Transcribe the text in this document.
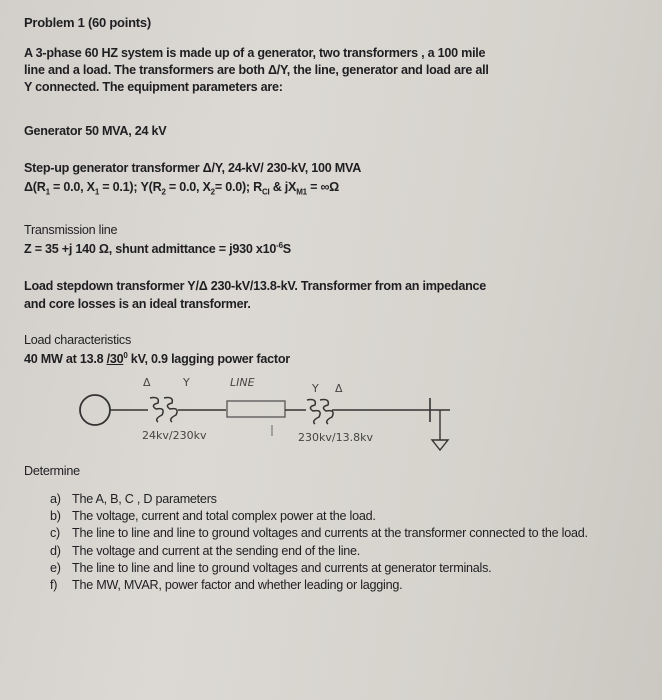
Problem 1 (60 points)
A 3-phase 60 HZ system is made up of a generator, two transformers , a 100 mile
line and a load. The transformers are both Δ/Y, the line, generator and load are all
Y connected. The equipment parameters are:
Generator 50 MVA, 24 kV
Step-up generator transformer Δ/Y, 24-kV/ 230-kV, 100 MVA
$\Delta(R_1 = 0.0$, $X_1 = 0.1$); $Y(R_2 = 0.0$, $X_2= 0.0$); $R_{CI}$ & $jX_{M1} = \infty\Omega$
Transmission line
Z = 35 +j 140 Ω, shunt admittance = j930 $x10^{-6}S$
Load stepdown transformer Y/Δ 230-kV/13.8-kV. Transformer from an impedance
and core losses is an ideal transformer.
Load characteristics
40 MW at 13.8 $/30^0$ kV, 0.9 lagging power factor
Δ	Y	LINE	Y Δ
24kv/230kv	230kv/13.8kv
Determine
a) The A, B, C , D parameters
b) The voltage, current and total complex power at the load.
c) The line to line and line to ground voltages and currents at the transformer connected to the load.
d) The voltage and current at the sending end of the line.
e) The line to line and line to ground voltages and currents at generator terminals.
f) The MW, MVAR, power factor and whether leading or lagging.
